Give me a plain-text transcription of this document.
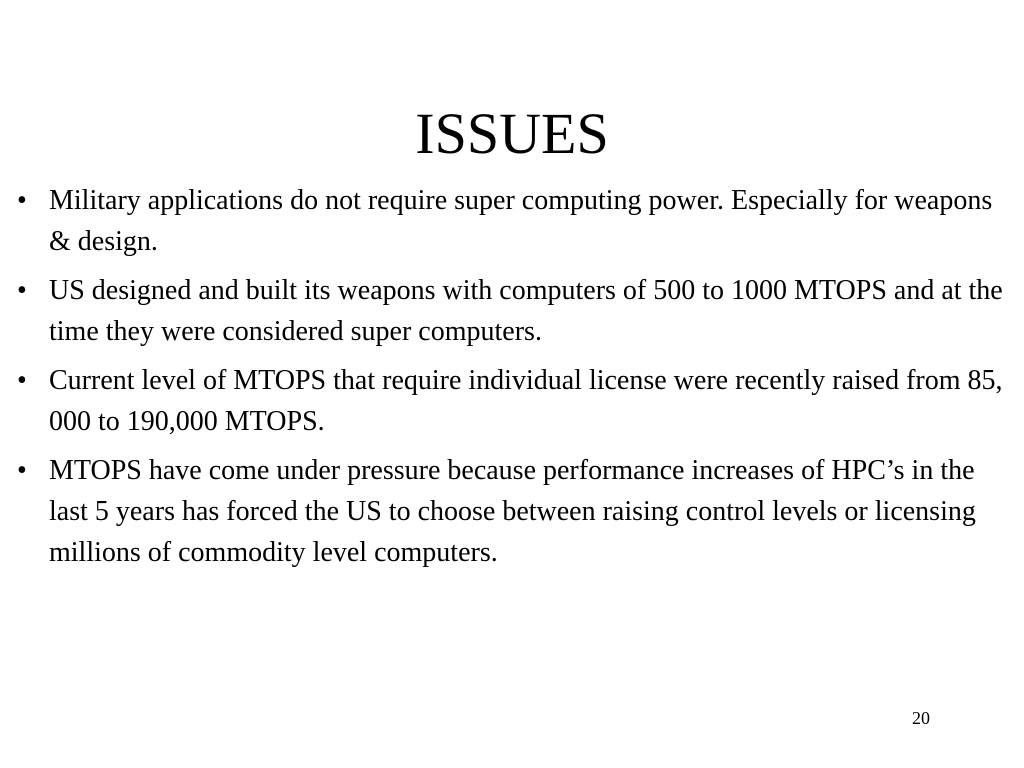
ISSUES
• Military applications do not require super computing power. Especially for weapons & design.
• US designed and built its weapons with computers of 500 to 1000 MTOPS and at the time they were considered super computers.
• Current level of MTOPS that require individual license were recently raised from 85, 000 to 190,000 MTOPS.
• MTOPS have come under pressure because performance increases of HPC’s in the last 5 years has forced the US to choose between raising control levels or licensing millions of commodity level computers.
20
